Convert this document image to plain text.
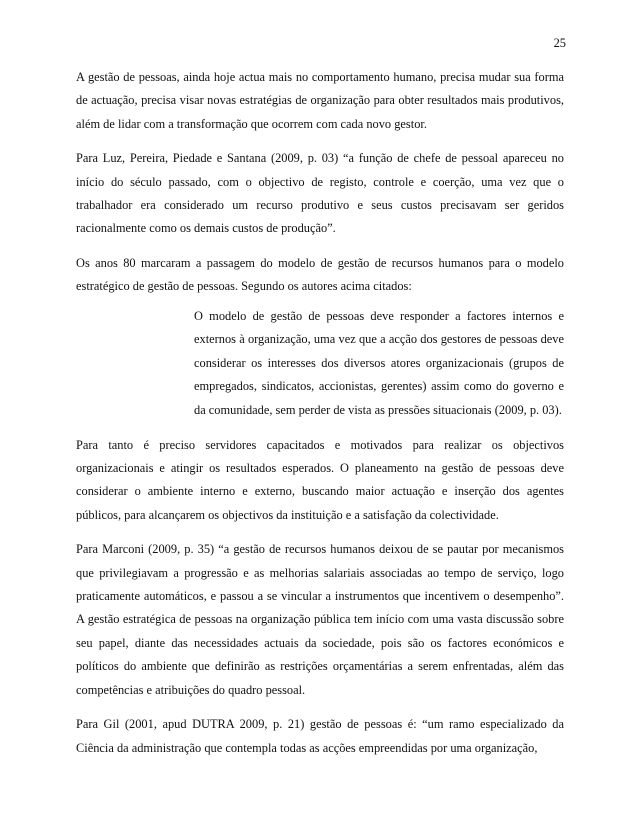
25

A gestão de pessoas, ainda hoje actua mais no comportamento humano, precisa mudar sua forma de actuação, precisa visar novas estratégias de organização para obter resultados mais produtivos, além de lidar com a transformação que ocorrem com cada novo gestor.

Para Luz, Pereira, Piedade e Santana (2009, p. 03) “a função de chefe de pessoal apareceu no início do século passado, com o objectivo de registo, controle e coerção, uma vez que o trabalhador era considerado um recurso produtivo e seus custos precisavam ser geridos racionalmente como os demais custos de produção”.

Os anos 80 marcaram a passagem do modelo de gestão de recursos humanos para o modelo estratégico de gestão de pessoas. Segundo os autores acima citados:

O modelo de gestão de pessoas deve responder a factores internos e externos à organização, uma vez que a acção dos gestores de pessoas deve considerar os interesses dos diversos atores organizacionais (grupos de empregados, sindicatos, accionistas, gerentes) assim como do governo e da comunidade, sem perder de vista as pressões situacionais (2009, p. 03).

Para tanto é preciso servidores capacitados e motivados para realizar os objectivos organizacionais e atingir os resultados esperados. O planeamento na gestão de pessoas deve considerar o ambiente interno e externo, buscando maior actuação e inserção dos agentes públicos, para alcançarem os objectivos da instituição e a satisfação da colectividade.

Para Marconi (2009, p. 35) “a gestão de recursos humanos deixou de se pautar por mecanismos que privilegiavam a progressão e as melhorias salariais associadas ao tempo de serviço, logo praticamente automáticos, e passou a se vincular a instrumentos que incentivem o desempenho”. A gestão estratégica de pessoas na organização pública tem início com uma vasta discussão sobre seu papel, diante das necessidades actuais da sociedade, pois são os factores económicos e políticos do ambiente que definirão as restrições orçamentárias a serem enfrentadas, além das competências e atribuições do quadro pessoal.

Para Gil (2001, apud DUTRA 2009, p. 21) gestão de pessoas é: “um ramo especializado da Ciência da administração que contempla todas as acções empreendidas por uma organização,
